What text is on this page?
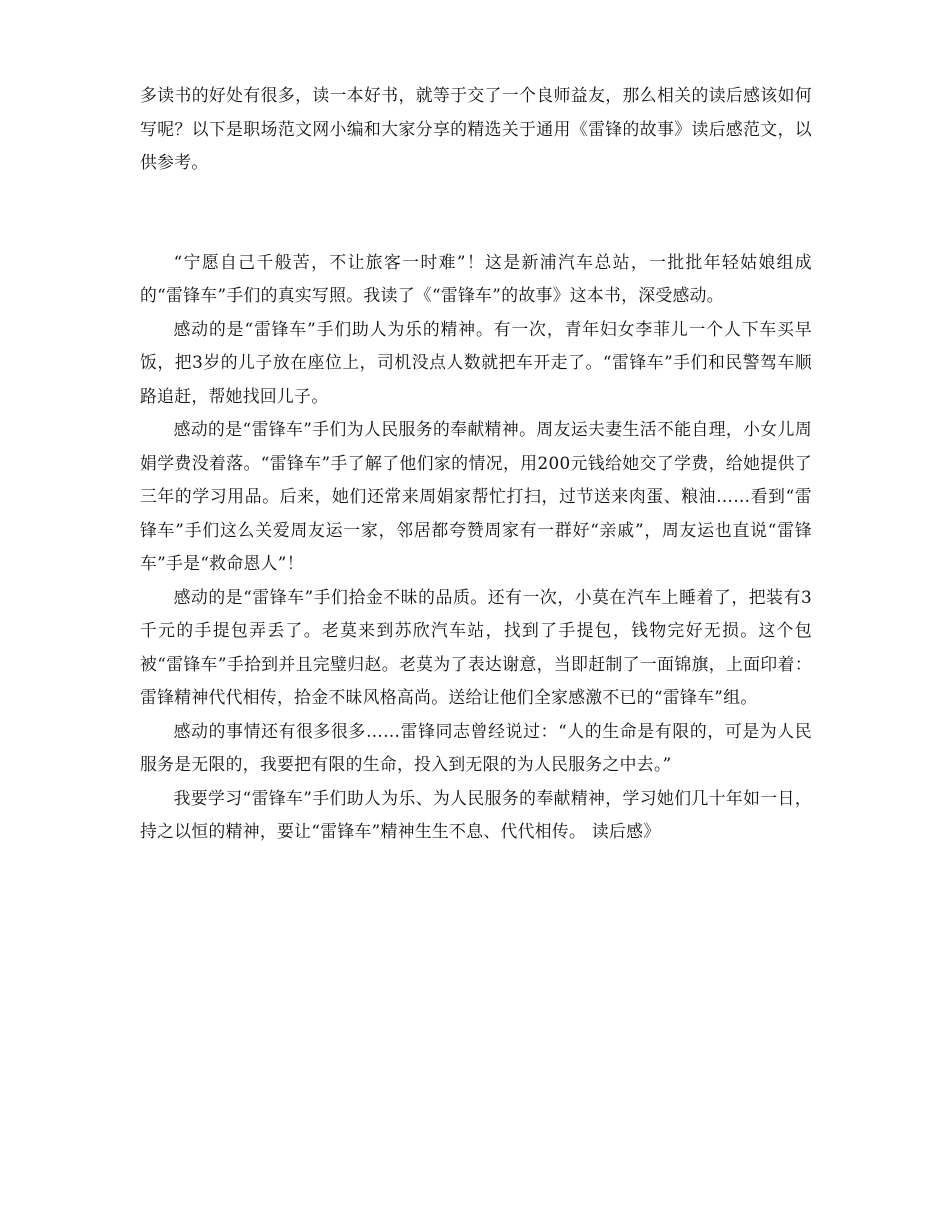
多读书的好处有很多，读一本好书，就等于交了一个良师益友，那么相关的读后感该如何写呢？以下是职场范文网小编和大家分享的精选关于通用《雷锋的故事》读后感范文，以供参考。

“宁愿自己千般苦，不让旅客一时难”！这是新浦汽车总站，一批批年轻姑娘组成的“雷锋车”手们的真实写照。我读了《“雷锋车”的故事》这本书，深受感动。

感动的是“雷锋车”手们助人为乐的精神。有一次，青年妇女李菲儿一个人下车买早饭，把3岁的儿子放在座位上，司机没点人数就把车开走了。“雷锋车”手们和民警驾车顺路追赶，帮她找回儿子。

感动的是“雷锋车”手们为人民服务的奉献精神。周友运夫妻生活不能自理，小女儿周娟学费没着落。“雷锋车”手了解了他们家的情况，用200元钱给她交了学费，给她提供了三年的学习用品。后来，她们还常来周娟家帮忙打扫，过节送来肉蛋、粮油……看到“雷锋车”手们这么关爱周友运一家，邻居都夸赞周家有一群好“亲戚”，周友运也直说“雷锋车”手是“救命恩人”！

感动的是“雷锋车”手们拾金不昧的品质。还有一次，小莫在汽车上睡着了，把装有3千元的手提包弄丢了。老莫来到苏欣汽车站，找到了手提包，钱物完好无损。这个包被“雷锋车”手拾到并且完璧归赵。老莫为了表达谢意，当即赶制了一面锦旗，上面印着：雷锋精神代代相传，拾金不昧风格高尚。送给让他们全家感激不已的“雷锋车”组。

感动的事情还有很多很多……雷锋同志曾经说过：“人的生命是有限的，可是为人民服务是无限的，我要把有限的生命，投入到无限的为人民服务之中去。”

我要学习“雷锋车”手们助人为乐、为人民服务的奉献精神，学习她们几十年如一日，持之以恒的精神，要让“雷锋车”精神生生不息、代代相传。 读后感》
